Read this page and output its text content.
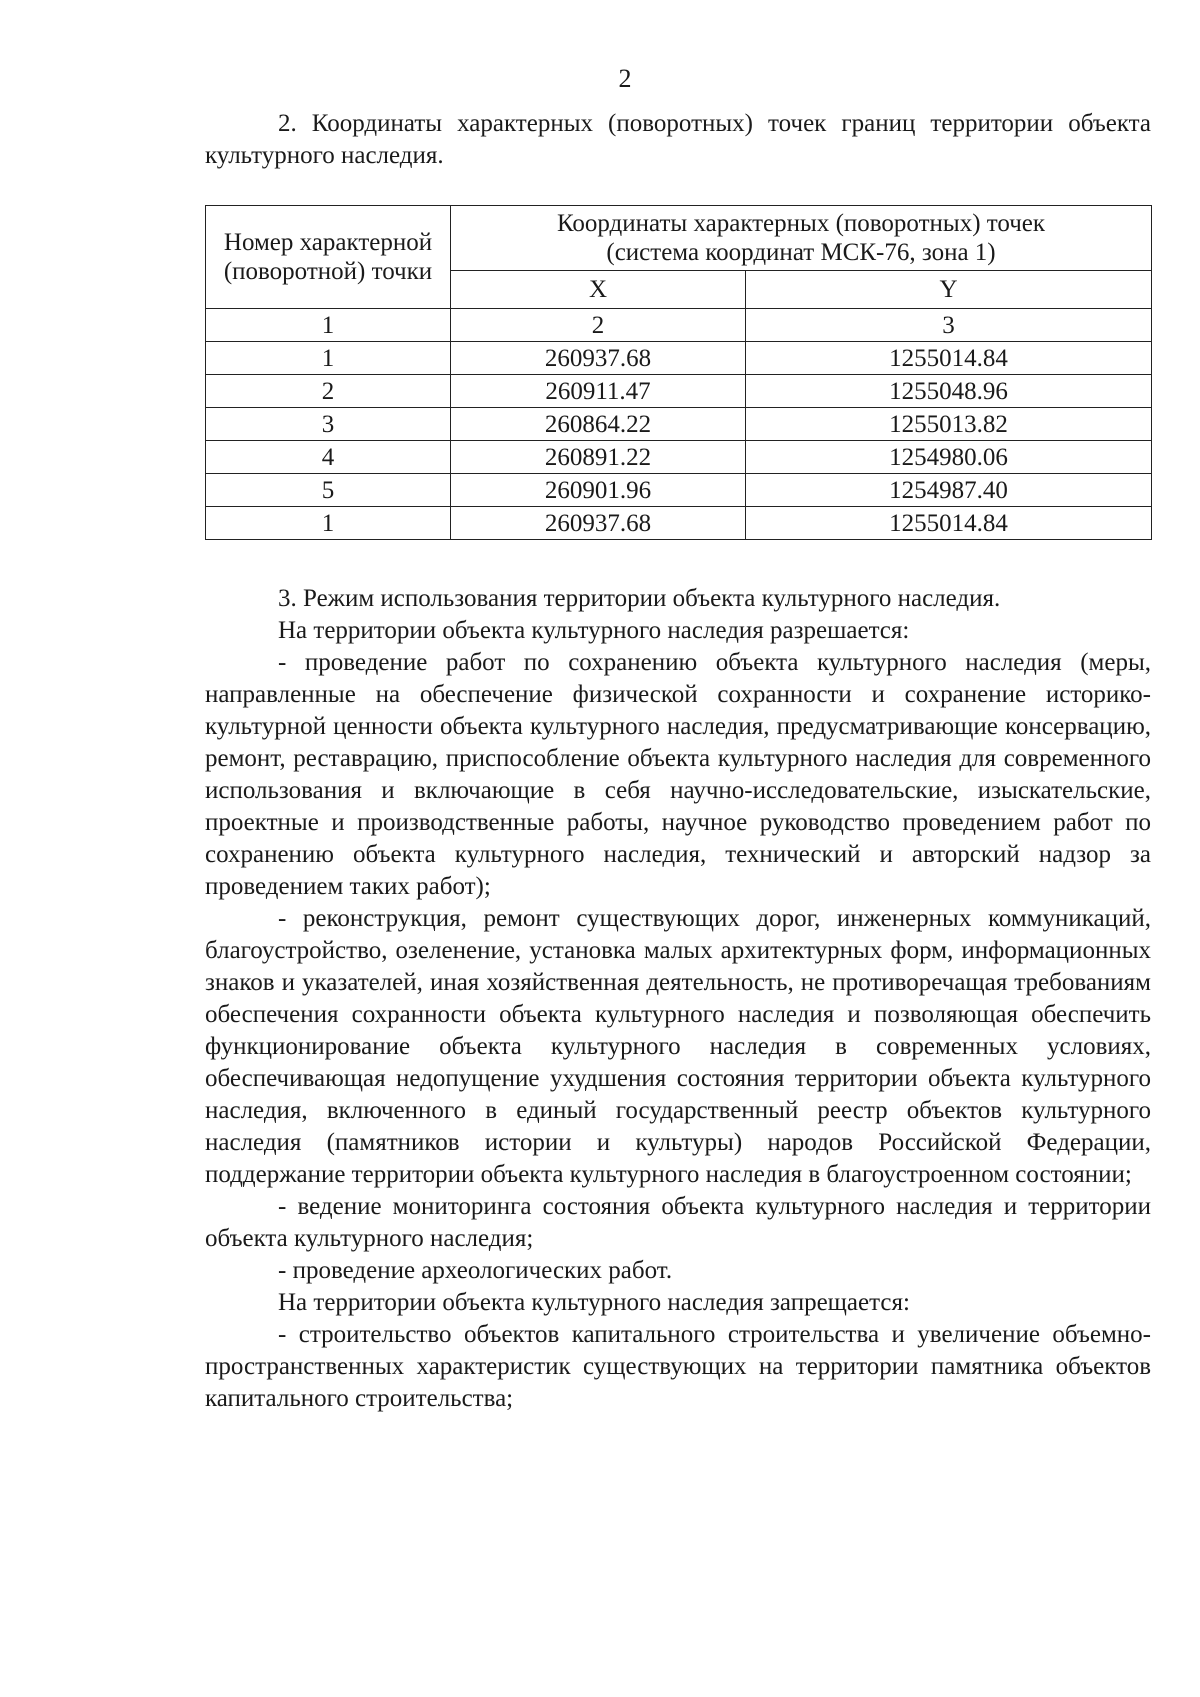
2

2. Координаты характерных (поворотных) точек границ территории объекта культурного наследия.

Номер характерной (поворотной) точки	Координаты характерных (поворотных) точек
(система координат МСК-76, зона 1)	

	X	Y
1	2	3
1	260937.68	1255014.84
2	260911.47	1255048.96
3	260864.22	1255013.82
4	260891.22	1254980.06
5	260901.96	1254987.40
1	260937.68	1255014.84

3. Режим использования территории объекта культурного наследия.

На территории объекта культурного наследия разрешается:

- проведение работ по сохранению объекта культурного наследия (меры, направленные на обеспечение физической сохранности и сохранение историко-культурной ценности объекта культурного наследия, предусматривающие консервацию, ремонт, реставрацию, приспособление объекта культурного наследия для современного использования и включающие в себя научно-исследовательские, изыскательские, проектные и производственные работы, научное руководство проведением работ по сохранению объекта культурного наследия, технический и авторский надзор за проведением таких работ);

- реконструкция, ремонт существующих дорог, инженерных коммуникаций, благоустройство, озеленение, установка малых архитектурных форм, информационных знаков и указателей, иная хозяйственная деятельность, не противоречащая требованиям обеспечения сохранности объекта культурного наследия и позволяющая обеспечить функционирование объекта культурного наследия в современных условиях, обеспечивающая недопущение ухудшения состояния территории объекта культурного наследия, включенного в единый государственный реестр объектов культурного наследия (памятников истории и культуры) народов Российской Федерации, поддержание территории объекта культурного наследия в благоустроенном состоянии;

- ведение мониторинга состояния объекта культурного наследия и территории объекта культурного наследия;

- проведение археологических работ.

На территории объекта культурного наследия запрещается:

- строительство объектов капитального строительства и увеличение объемно-пространственных характеристик существующих на территории памятника объектов капитального строительства;
